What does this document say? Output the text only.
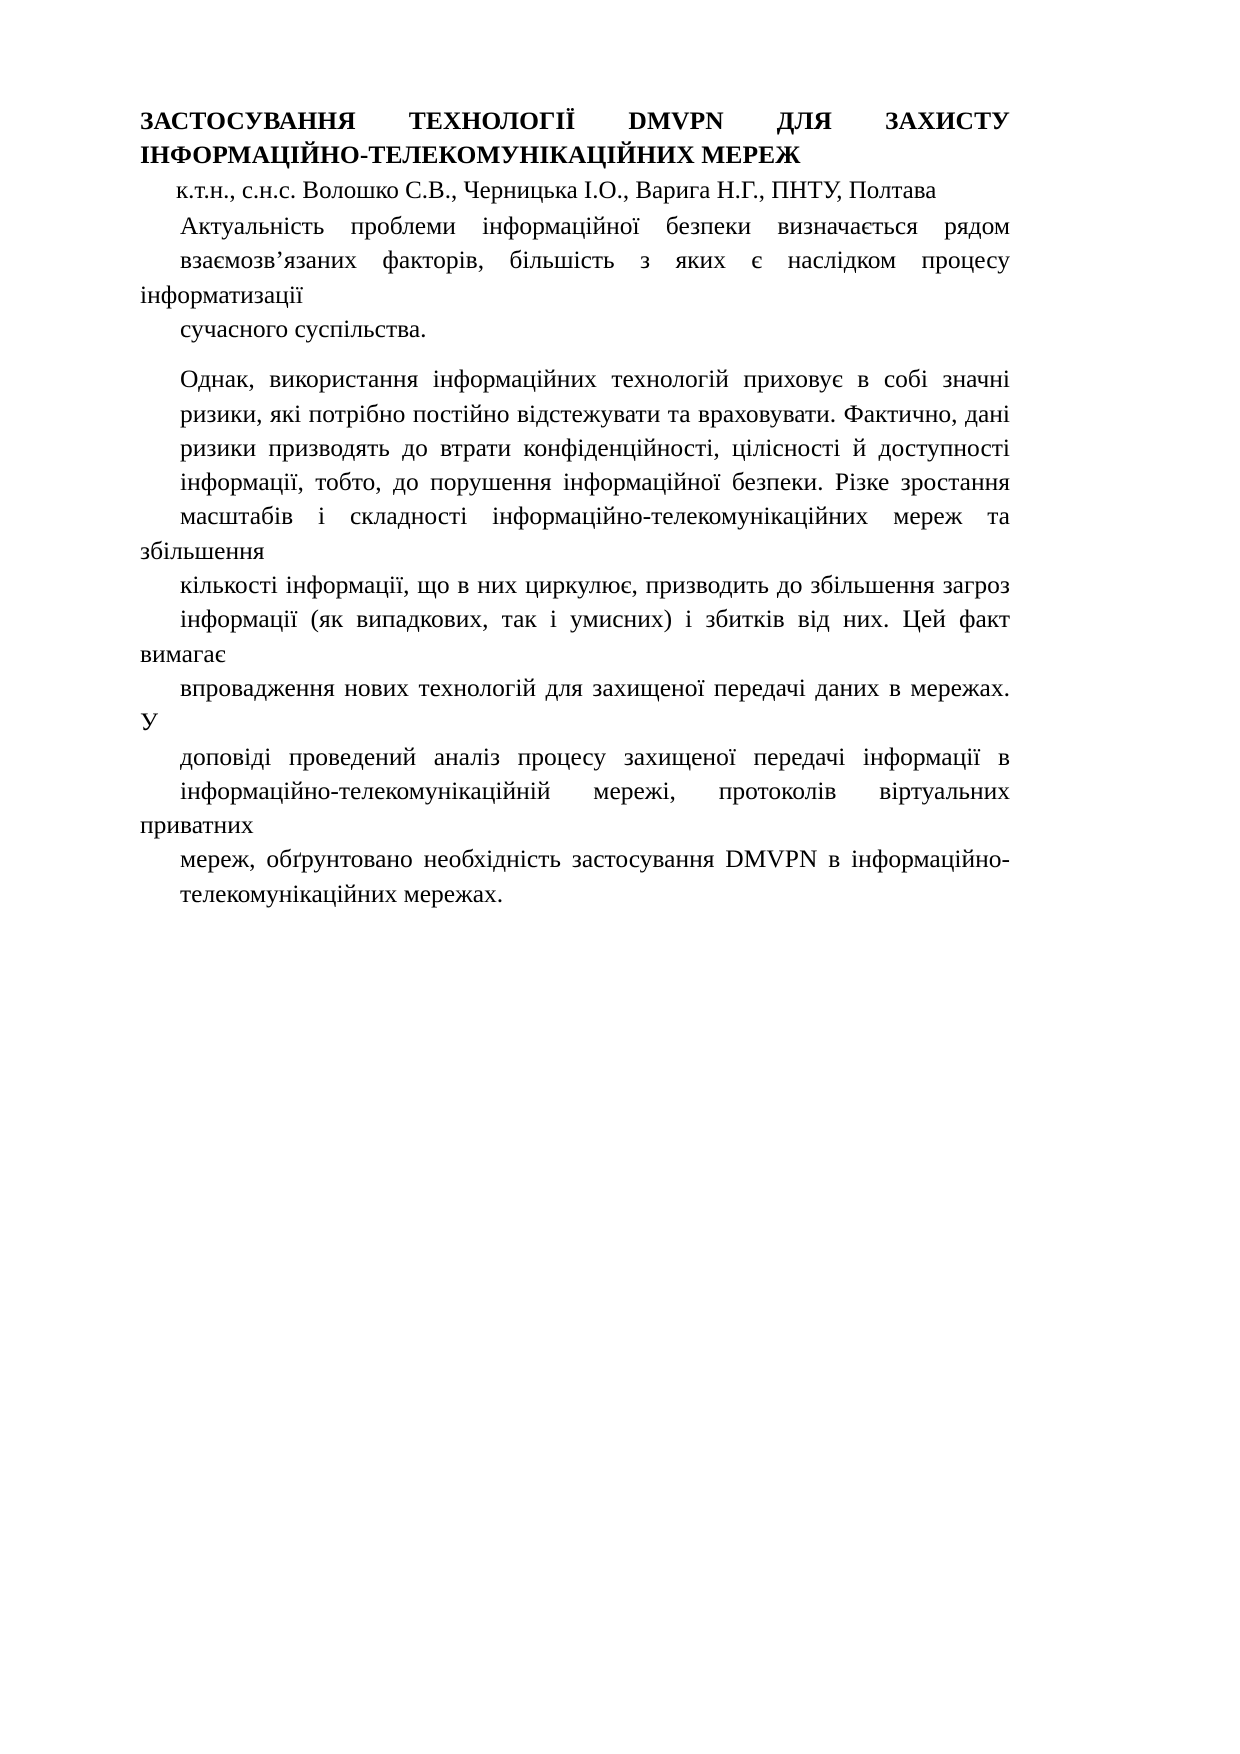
ЗАСТОСУВАННЯ ТЕХНОЛОГІЇ DMVPN ДЛЯ ЗАХИСТУ
ІНФОРМАЦІЙНО-ТЕЛЕКОМУНІКАЦІЙНИХ МЕРЕЖ

к.т.н., с.н.с. Волошко С.В., Черницька І.О., Варига Н.Г., ПНТУ, Полтава

Актуальність проблеми інформаційної безпеки визначається рядом
взаємозв’язаних факторів, більшість з яких є наслідком процесу інформатизації
сучасного суспільства.

Однак, використання інформаційних технологій приховує в собі значні
ризики, які потрібно постійно відстежувати та враховувати. Фактично, дані
ризики призводять до втрати конфіденційності, цілісності й доступності
інформації, тобто, до порушення інформаційної безпеки. Різке зростання
масштабів і складності інформаційно-телекомунікаційних мереж та збільшення
кількості інформації, що в них циркулює, призводить до збільшення загроз
інформації (як випадкових, так і умисних) і збитків від них. Цей факт вимагає
впровадження нових технологій для захищеної передачі даних в мережах. У
доповіді проведений аналіз процесу захищеної передачі інформації в
інформаційно-телекомунікаційній мережі, протоколів віртуальних приватних
мереж, обґрунтовано необхідність застосування DMVPN в інформаційно-
телекомунікаційних мережах.
